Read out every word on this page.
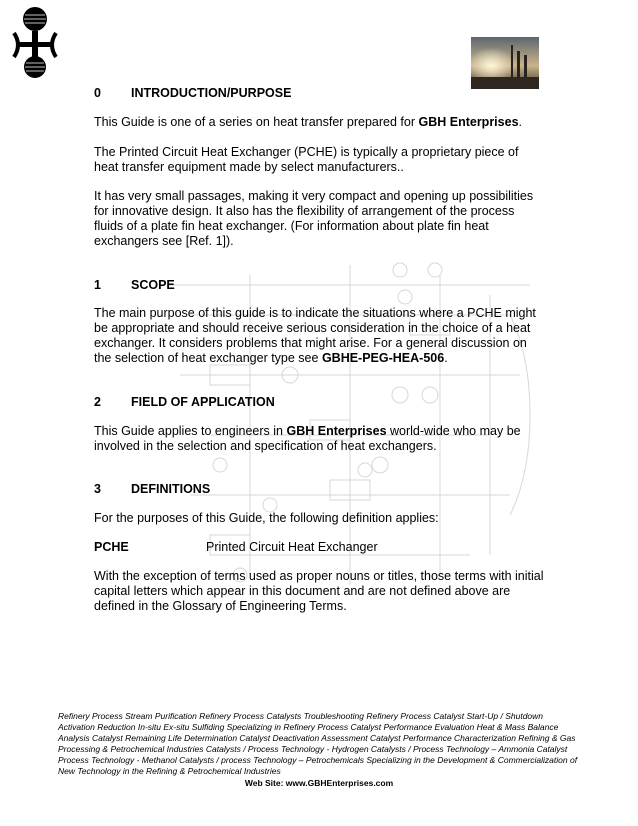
0	INTRODUCTION/PURPOSE

This Guide is one of a series on heat transfer prepared for GBH Enterprises.

The Printed Circuit Heat Exchanger (PCHE) is typically a proprietary piece of heat transfer equipment made by select manufacturers..

It has very small passages, making it very compact and opening up possibilities for innovative design. It also has the flexibility of arrangement of the process fluids of a plate fin heat exchanger. (For information about plate fin heat exchangers see [Ref. 1]).

1	SCOPE

The main purpose of this guide is to indicate the situations where a PCHE might be appropriate and should receive serious consideration in the choice of a heat exchanger. It considers problems that might arise. For a general discussion on the selection of heat exchanger type see GBHE-PEG-HEA-506.

2	FIELD OF APPLICATION

This Guide applies to engineers in GBH Enterprises world-wide who may be involved in the selection and specification of heat exchangers.

3	DEFINITIONS

For the purposes of this Guide, the following definition applies:

PCHE	Printed Circuit Heat Exchanger

With the exception of terms used as proper nouns or titles, those terms with initial capital letters which appear in this document and are not defined above are defined in the Glossary of Engineering Terms.

Refinery Process Stream Purification Refinery Process Catalysts Troubleshooting Refinery Process Catalyst Start-Up / Shutdown Activation Reduction In-situ Ex-situ Sulfiding Specializing in Refinery Process Catalyst Performance Evaluation Heat & Mass Balance Analysis Catalyst Remaining Life Determination Catalyst Deactivation Assessment Catalyst Performance Characterization Refining & Gas Processing & Petrochemical Industries Catalysts / Process Technology - Hydrogen Catalysts / Process Technology – Ammonia Catalyst Process Technology - Methanol Catalysts / process Technology – Petrochemicals Specializing in the Development & Commercialization of New Technology in the Refining & Petrochemical Industries
Web Site: www.GBHEnterprises.com
